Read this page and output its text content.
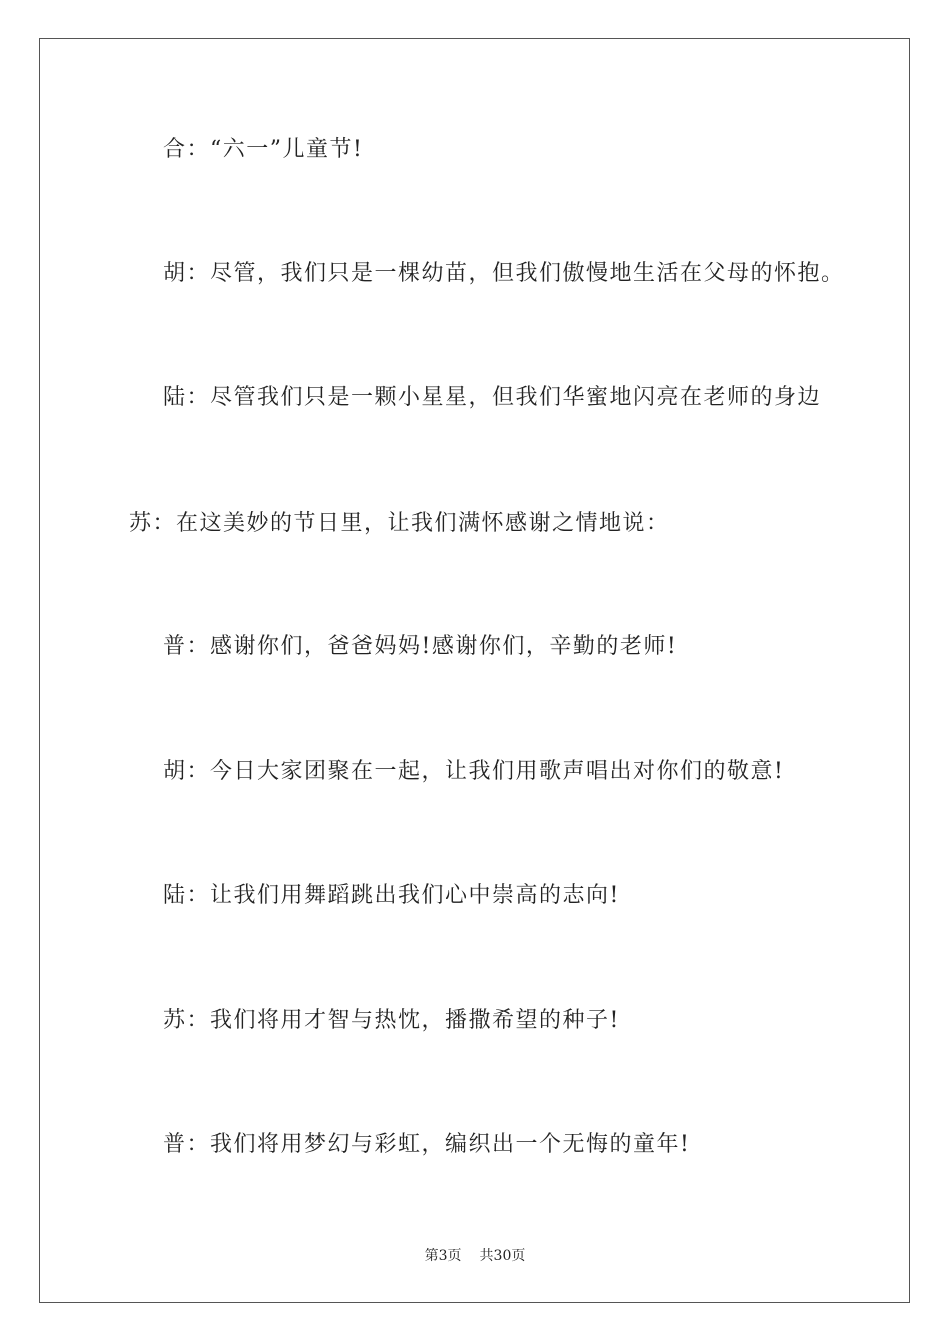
合：“六一”儿童节!
胡：尽管，我们只是一棵幼苗，但我们傲慢地生活在父母的怀抱。
陆：尽管我们只是一颗小星星，但我们华蜜地闪亮在老师的身边
苏：在这美妙的节日里，让我们满怀感谢之情地说：
普：感谢你们，爸爸妈妈!感谢你们，辛勤的老师!
胡：今日大家团聚在一起，让我们用歌声唱出对你们的敬意!
陆：让我们用舞蹈跳出我们心中崇高的志向!
苏：我们将用才智与热忱，播撒希望的种子!
普：我们将用梦幻与彩虹，编织出一个无悔的童年!
第3页 共30页
